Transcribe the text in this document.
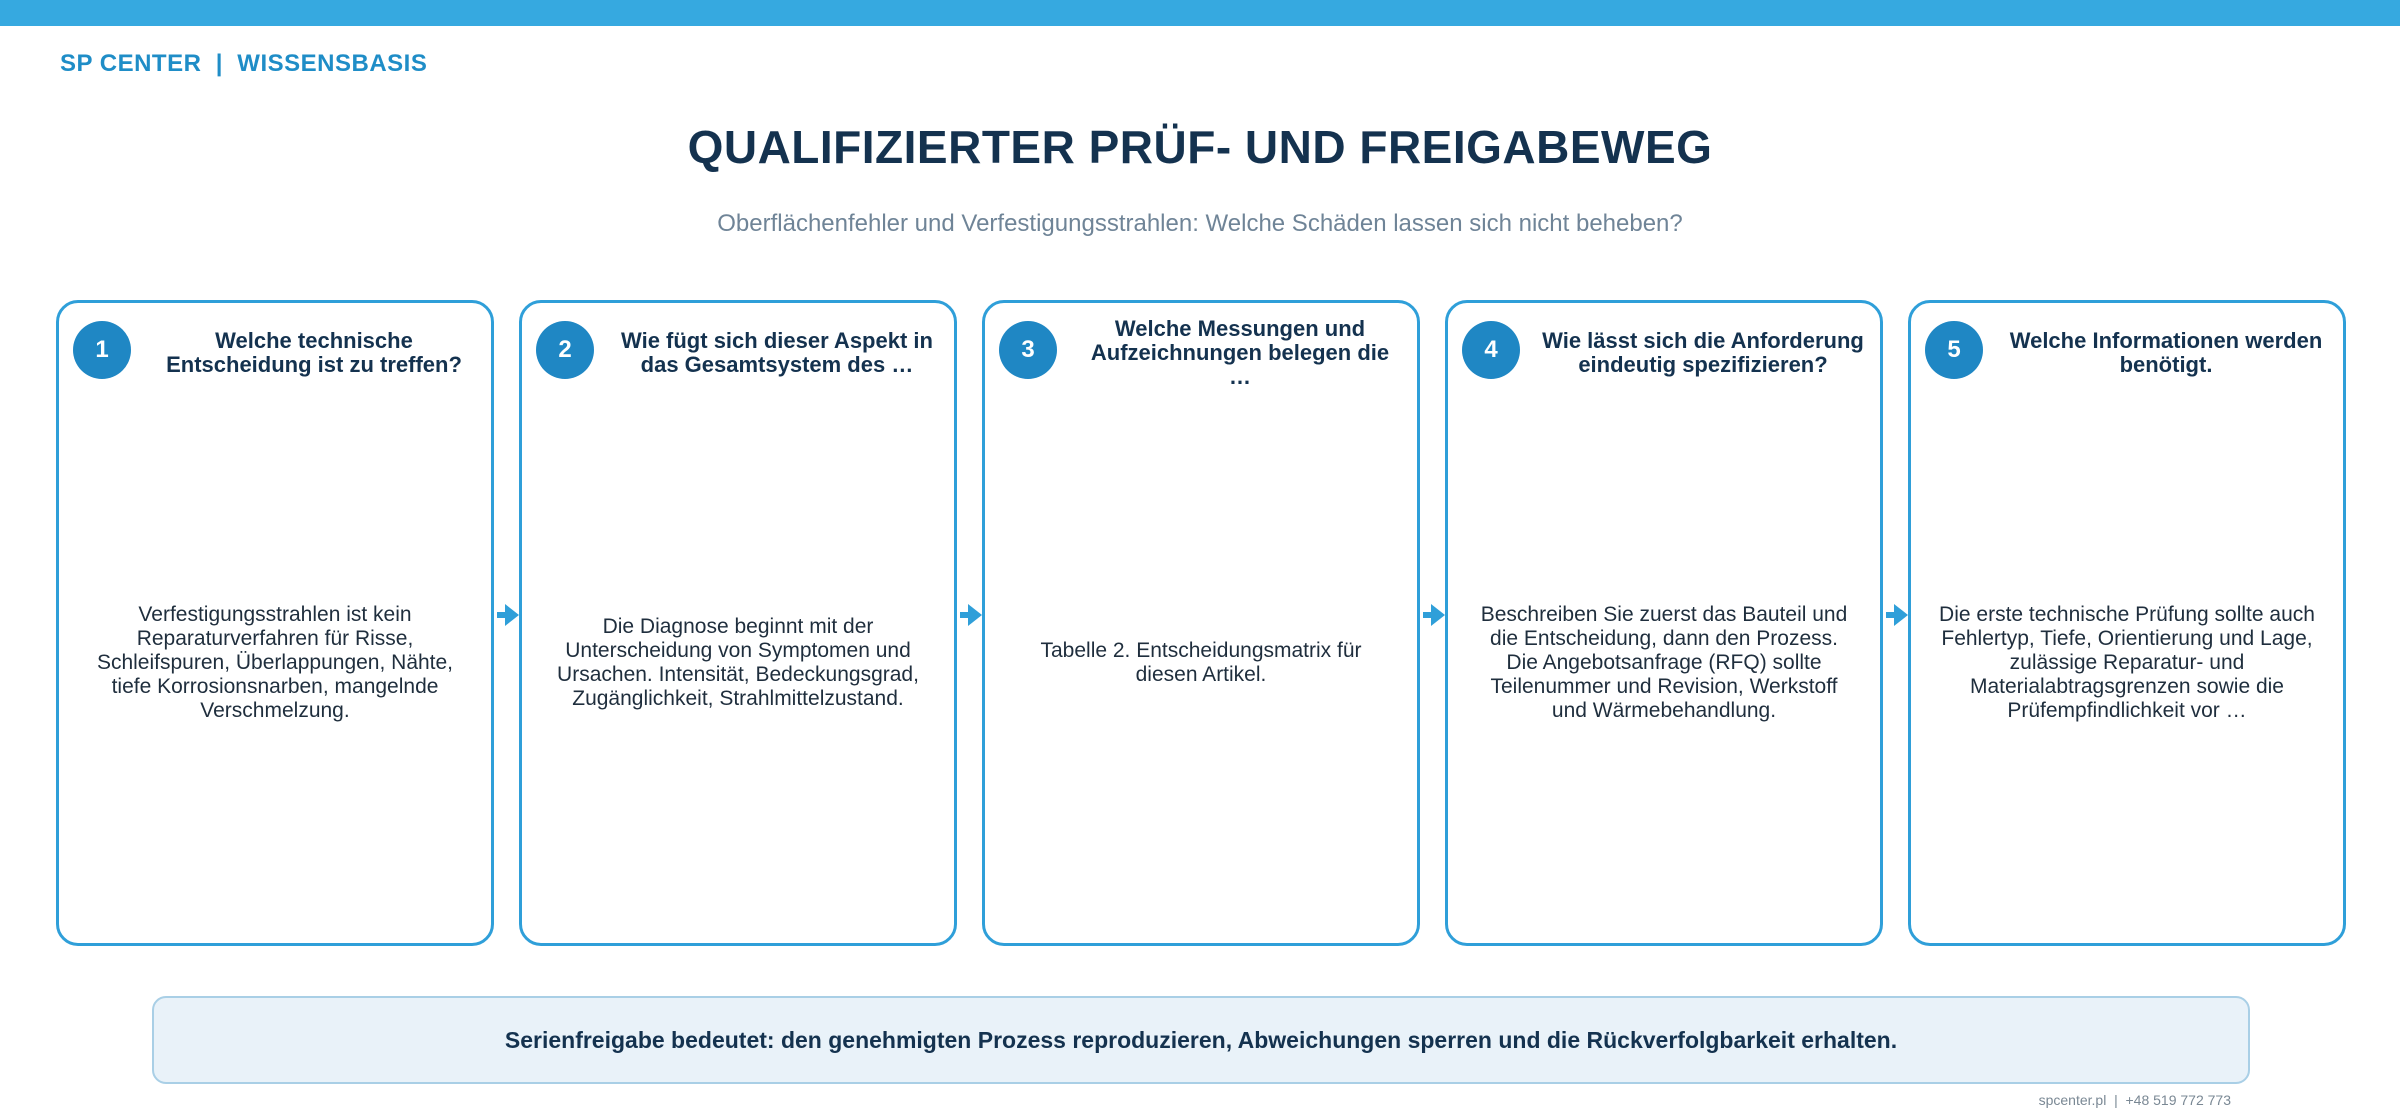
SP CENTER  |  WISSENSBASIS
QUALIFIZIERTER PRÜF- UND FREIGABEWEG
Oberflächenfehler und Verfestigungsstrahlen: Welche Schäden lassen sich nicht beheben?
1	Welche technische Entscheidung ist zu treffen?
Verfestigungsstrahlen ist kein Reparaturverfahren für Risse, Schleifspuren, Überlappungen, Nähte, tiefe Korrosionsnarben, mangelnde Verschmelzung.
2	Wie fügt sich dieser Aspekt in das Gesamtsystem des …
Die Diagnose beginnt mit der Unterscheidung von Symptomen und Ursachen. Intensität, Bedeckungsgrad, Zugänglichkeit, Strahlmittelzustand.
3
Welche Messungen und Aufzeichnungen belegen die …
Tabelle 2. Entscheidungsmatrix für diesen Artikel.
4	Wie lässt sich die Anforderung eindeutig spezifizieren?
Beschreiben Sie zuerst das Bauteil und die Entscheidung, dann den Prozess. Die Angebotsanfrage (RFQ) sollte Teilenummer und Revision, Werkstoff und Wärmebehandlung.
5	Welche Informationen werden benötigt.
Die erste technische Prüfung sollte auch Fehlertyp, Tiefe, Orientierung und Lage, zulässige Reparatur- und Materialabtragsgrenzen sowie die Prüfempfindlichkeit vor …
Serienfreigabe bedeutet: den genehmigten Prozess reproduzieren, Abweichungen sperren und die Rückverfolgbarkeit erhalten.
spcenter.pl  |  +48 519 772 773
